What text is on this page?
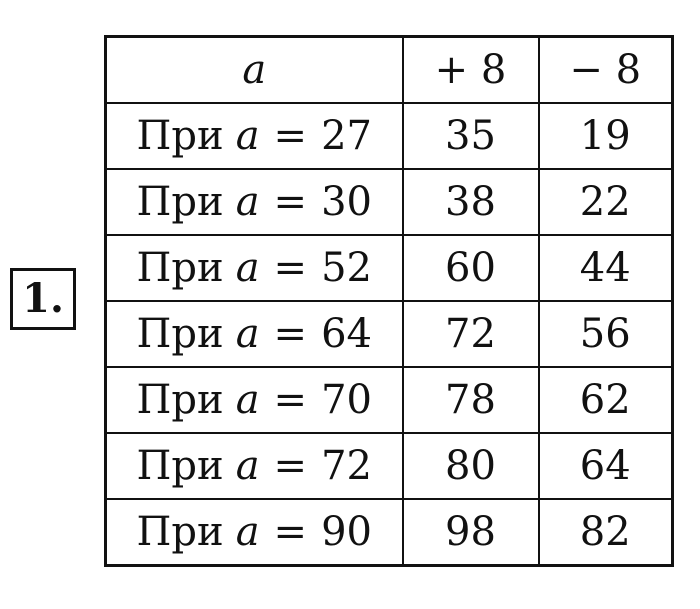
1.
a	+ 8	− 8
При a = 27	35	19
При a = 30	38	22
При a = 52	60	44
При a = 64	72	56
При a = 70	78	62
При a = 72	80	64
При a = 90	98	82
